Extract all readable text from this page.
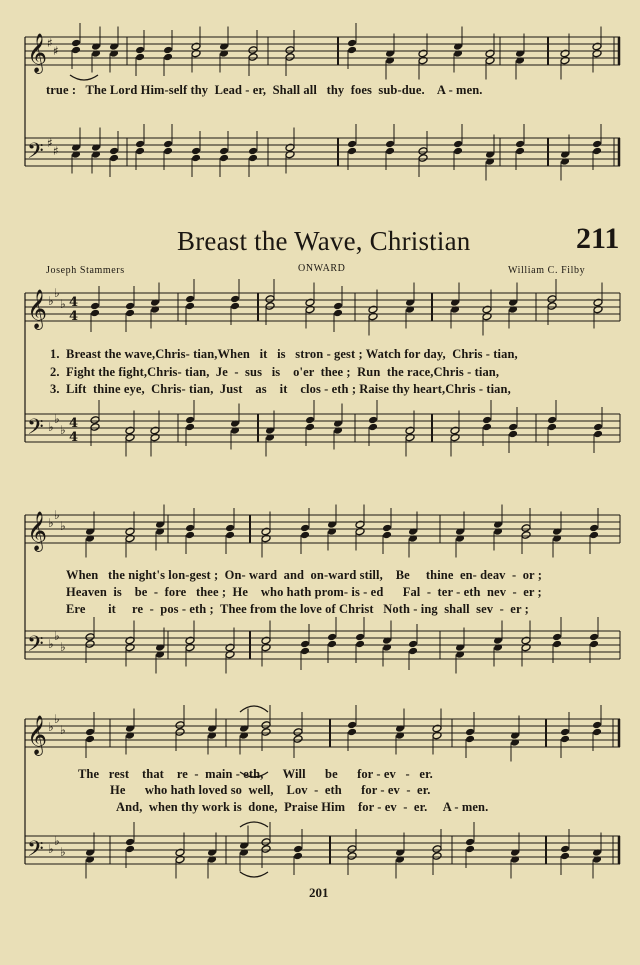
𝄞 ♯
♯
𝄢 ♯
♯
true :   The Lord Him-self thy  Lead - er,  Shall all   thy  foes  sub-due.    A - men.
Breast the Wave, Christian	211
Joseph Stammers	ONWARD	William C. Filby
𝄞 ♭
♭
♭ 4
4
𝄢 ♭
♭
♭ 4
4
1.  Breast the wave,Chris- tian,When   it   is   stron - gest ; Watch for day,  Chris - tian,
2.  Fight the fight,Chris- tian,  Je  -  sus   is    o'er  thee ;  Run  the race,Chris - tian,
3.  Lift  thine eye,  Chris- tian,  Just    as    it    clos - eth ; Raise thy heart,Chris - tian,
𝄞 ♭
♭
♭
𝄢 ♭
♭
♭
When   the night's lon-gest ;  On- ward  and  on-ward still,    Be     thine  en- deav  -  or ;
Heaven  is    be  -  fore   thee ;  He    who hath prom- is - ed      Fal  -  ter - eth  nev  -  er ;
Ere       it     re  -  pos - eth ;  Thee from the love of Christ   Noth - ing  shall  sev  -  er ;
𝄞 ♭
♭
♭
𝄢 ♭
♭
♭
The   rest    that    re  -  main - eth,      Will      be      for - ev   -   er.
He      who hath loved so  well,    Lov  -  eth      for - ev  -  er.
And,  when thy work is  done,  Praise Him    for - ev  -  er.     A - men.
201
